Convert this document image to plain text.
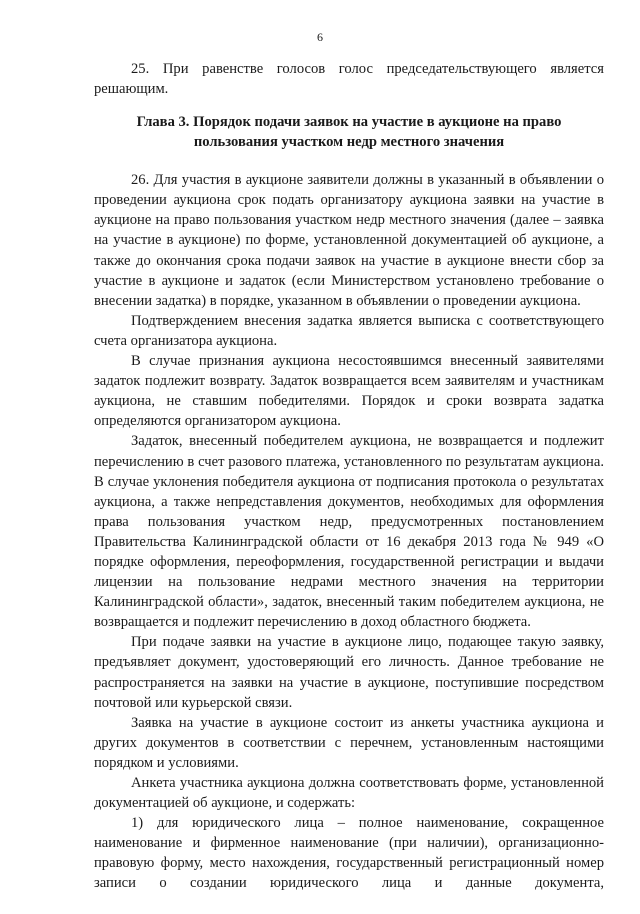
6

25. При равенстве голосов голос председательствующего является решающим.

Глава 3. Порядок подачи заявок на участие в аукционе на право пользования участком недр местного значения

26. Для участия в аукционе заявители должны в указанный в объявлении о проведении аукциона срок подать организатору аукциона заявки на участие в аукционе на право пользования участком недр местного значения (далее – заявка на участие в аукционе) по форме, установленной документацией об аукционе, а также до окончания срока подачи заявок на участие в аукционе внести сбор за участие в аукционе и задаток (если Министерством установлено требование о внесении задатка) в порядке, указанном в объявлении о проведении аукциона.

Подтверждением внесения задатка является выписка с соответствующего счета организатора аукциона.

В случае признания аукциона несостоявшимся внесенный заявителями задаток подлежит возврату. Задаток возвращается всем заявителям и участникам аукциона, не ставшим победителями. Порядок и сроки возврата задатка определяются организатором аукциона.

Задаток, внесенный победителем аукциона, не возвращается и подлежит перечислению в счет разового платежа, установленного по результатам аукциона. В случае уклонения победителя аукциона от подписания протокола о результатах аукциона, а также непредставления документов, необходимых для оформления права пользования участком недр, предусмотренных постановлением Правительства Калининградской области от 16 декабря 2013 года № 949 «О порядке оформления, переоформления, государственной регистрации и выдачи лицензии на пользование недрами местного значения на территории Калининградской области», задаток, внесенный таким победителем аукциона, не возвращается и подлежит перечислению в доход областного бюджета.

При подаче заявки на участие в аукционе лицо, подающее такую заявку, предъявляет документ, удостоверяющий его личность. Данное требование не распространяется на заявки на участие в аукционе, поступившие посредством почтовой или курьерской связи.

Заявка на участие в аукционе состоит из анкеты участника аукциона и других документов в соответствии с перечнем, установленным настоящими порядком и условиями.

Анкета участника аукциона должна соответствовать форме, установленной документацией об аукционе, и содержать:

1) для юридического лица – полное наименование, сокращенное наименование и фирменное наименование (при наличии), организационно-правовую форму, место нахождения, государственный регистрационный номер записи о создании юридического лица и данные документа,
